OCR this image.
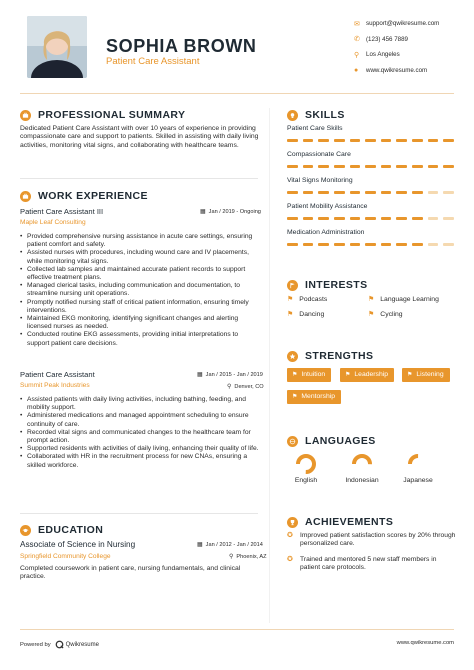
SOPHIA BROWN
Patient Care Assistant
✉ support@qwikresume.com
✆ (123) 456 7889
⚲	Los Angeles
●	www.qwikresume.com
PROFESSIONAL SUMMARY
Dedicated Patient Care Assistant with over 10 years of experience in providing compassionate care and support to patients. Skilled in assisting with daily living activities, monitoring vital signs, and collaborating with healthcare teams.
WORK EXPERIENCE
Patient Care Assistant III	▦ Jan / 2019 - Ongoing
Maple Leaf Consulting
• Provided comprehensive nursing assistance in acute care settings, ensuring patient comfort and safety.
• Assisted nurses with procedures, including wound care and IV placements, while monitoring vital signs.
• Collected lab samples and maintained accurate patient records to support effective treatment plans.
• Managed clerical tasks, including communication and documentation, to streamline nursing unit operations.
• Promptly notified nursing staff of critical patient information, ensuring timely interventions.
• Maintained EKG monitoring, identifying significant changes and alerting licensed nurses as needed.
• Conducted routine EKG assessments, providing initial interpretations to support patient care decisions.
Patient Care Assistant	▦ Jan / 2015 - Jan / 2019
Summit Peak Industries	⚲ Denver, CO
• Assisted patients with daily living activities, including bathing, feeding, and mobility support.
• Administered medications and managed appointment scheduling to ensure continuity of care.
• Recorded vital signs and communicated changes to the healthcare team for prompt action.
• Supported residents with activities of daily living, enhancing their quality of life.
• Collaborated with HR in the recruitment process for new CNAs, ensuring a skilled workforce.
EDUCATION
Associate of Science in Nursing	▦ Jan / 2012 - Jan / 2014
Springfield Community College	⚲ Phoenix, AZ
Completed coursework in patient care, nursing fundamentals, and clinical practice.
SKILLS
Patient Care Skills
Compassionate Care
Vital Signs Monitoring
Patient Mobility Assistance
Medication Administration
INTERESTS
⚑ Podcasts	⚑ Language Learning
⚑ Dancing	⚑ Cycling
STRENGTHS
⚑ Intuition	⚑ Leadership	⚑ Listening
⚑ Mentorship
LANGUAGES
English	Indonesian	Japanese
ACHIEVEMENTS
✪	Improved patient satisfaction scores by 20% through personalized care.
✪	Trained and mentored 5 new staff members in patient care protocols.
Powered by	Qwikresume	www.qwikresume.com
